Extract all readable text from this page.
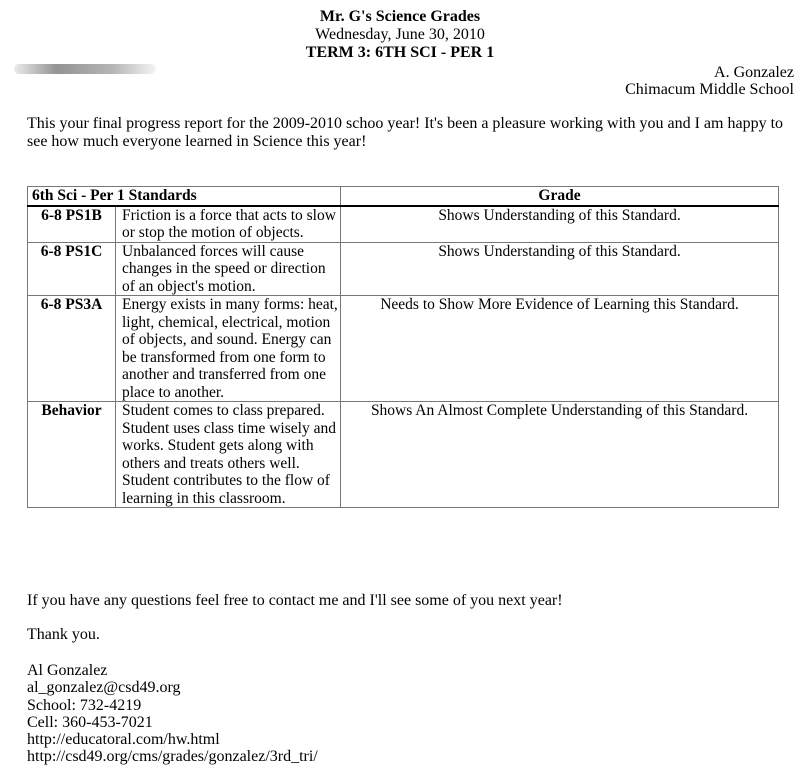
Mr. G's Science Grades
Wednesday, June 30, 2010
TERM 3: 6TH SCI - PER 1
A. Gonzalez
Chimacum Middle School
This your final progress report for the 2009-2010 schoo year! It's been a pleasure working with you and I am happy to see how much everyone learned in Science this year!
6th Sci - Per 1 Standards		Grade
6-8 PS1B	Friction is a force that acts to slow or stop the motion of objects.	Shows Understanding of this Standard.
6-8 PS1C	Unbalanced forces will cause changes in the speed or direction of an object's motion.	Shows Understanding of this Standard.
6-8 PS3A	Energy exists in many forms: heat, light, chemical, electrical, motion of objects, and sound. Energy can be transformed from one form to another and transferred from one place to another.	Needs to Show More Evidence of Learning this Standard.
Behavior	Student comes to class prepared. Student uses class time wisely and works. Student gets along with others and treats others well. Student contributes to the flow of learning in this classroom.	Shows An Almost Complete Understanding of this Standard.
If you have any questions feel free to contact me and I'll see some of you next year!
Thank you.
Al Gonzalez
al_gonzalez@csd49.org
School: 732-4219
Cell: 360-453-7021
http://educatoral.com/hw.html
http://csd49.org/cms/grades/gonzalez/3rd_tri/
